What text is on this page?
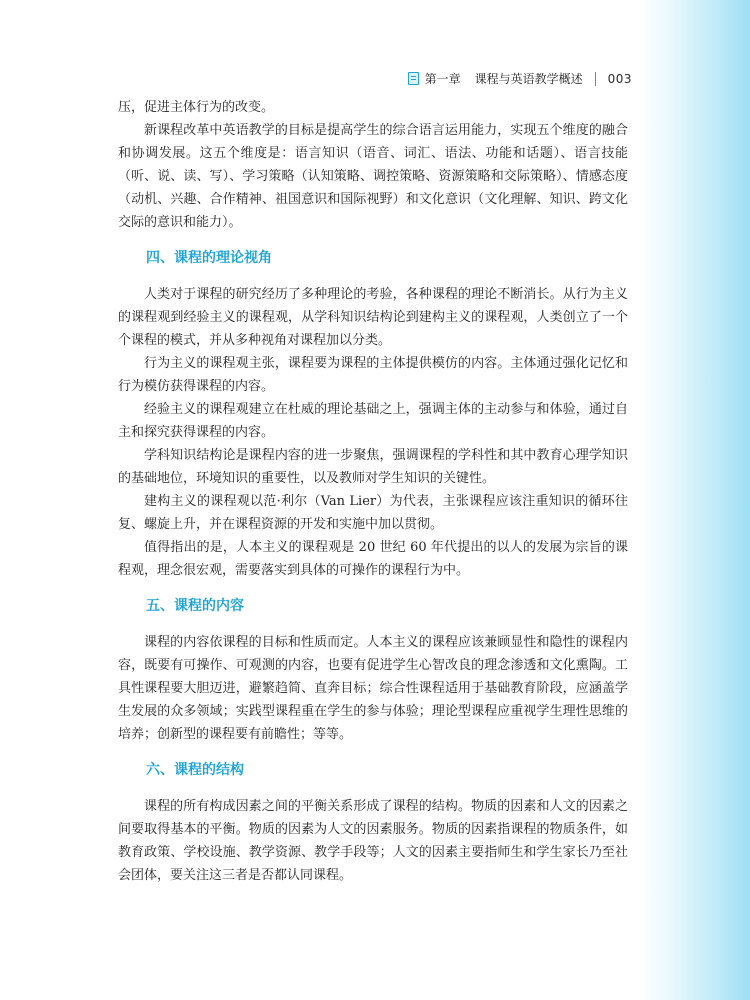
第一章 课程与英语教学概述 003

压，促进主体行为的改变。

新课程改革中英语教学的目标是提高学生的综合语言运用能力，实现五个维度的融合和协调发展。这五个维度是：语言知识（语音、词汇、语法、功能和话题）、语言技能（听、说、读、写）、学习策略（认知策略、调控策略、资源策略和交际策略）、情感态度（动机、兴趣、合作精神、祖国意识和国际视野）和文化意识（文化理解、知识、跨文化交际的意识和能力）。

四、课程的理论视角

人类对于课程的研究经历了多种理论的考验，各种课程的理论不断消长。从行为主义的课程观到经验主义的课程观，从学科知识结构论到建构主义的课程观，人类创立了一个个课程的模式，并从多种视角对课程加以分类。

行为主义的课程观主张，课程要为课程的主体提供模仿的内容。主体通过强化记忆和行为模仿获得课程的内容。

经验主义的课程观建立在杜威的理论基础之上，强调主体的主动参与和体验，通过自主和探究获得课程的内容。

学科知识结构论是课程内容的进一步聚焦，强调课程的学科性和其中教育心理学知识的基础地位，环境知识的重要性，以及教师对学生知识的关键性。

建构主义的课程观以范·利尔（Van Lier）为代表，主张课程应该注重知识的循环往复、螺旋上升，并在课程资源的开发和实施中加以贯彻。

值得指出的是，人本主义的课程观是 20 世纪 60 年代提出的以人的发展为宗旨的课程观，理念很宏观，需要落实到具体的可操作的课程行为中。

五、课程的内容

课程的内容依课程的目标和性质而定。人本主义的课程应该兼顾显性和隐性的课程内容，既要有可操作、可观测的内容，也要有促进学生心智改良的理念渗透和文化熏陶。工具性课程要大胆迈进，避繁趋简、直奔目标；综合性课程适用于基础教育阶段，应涵盖学生发展的众多领域；实践型课程重在学生的参与体验；理论型课程应重视学生理性思维的培养；创新型的课程要有前瞻性；等等。

六、课程的结构

课程的所有构成因素之间的平衡关系形成了课程的结构。物质的因素和人文的因素之间要取得基本的平衡。物质的因素为人文的因素服务。物质的因素指课程的物质条件，如教育政策、学校设施、教学资源、教学手段等；人文的因素主要指师生和学生家长乃至社会团体，要关注这三者是否都认同课程。
